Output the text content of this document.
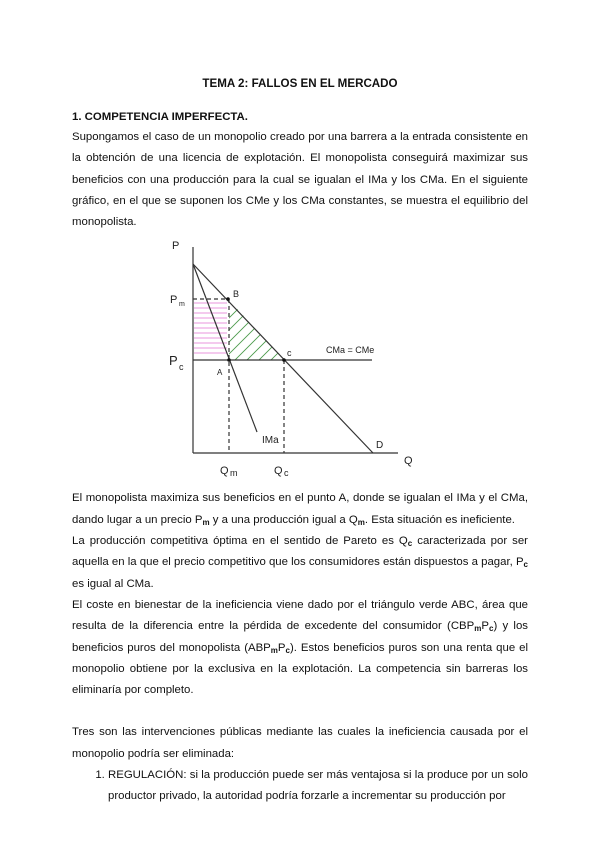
TEMA 2: FALLOS EN EL MERCADO
1. COMPETENCIA IMPERFECTA.

Supongamos el caso de un monopolio creado por una barrera a la entrada consistente en la obtención de una licencia de explotación. El monopolista conseguirá maximizar sus beneficios con una producción para la cual se igualan el IMa y los CMa. En el siguiente gráfico, en el que se suponen los CMe y los CMa constantes, se muestra el equilibrio del monopolista.

P
Q
P m
P c
Q m	Q c
A
B
c	CMa = CMe
IMa	D

El monopolista maximiza sus beneficios en el punto A, donde se igualan el IMa y el CMa, dando lugar a un precio $P_m$ y a una producción igual a $Q_m$. Esta situación es ineficiente.

La producción competitiva óptima en el sentido de Pareto es $Q_c$ caracterizada por ser aquella en la que el precio competitivo que los consumidores están dispuestos a pagar, $P_c$ es igual al CMa.

El coste en bienestar de la ineficiencia viene dado por el triángulo verde ABC, área que resulta de la diferencia entre la pérdida de excedente del consumidor $(CBP_mP_c)$ y los beneficios puros del monopolista $(ABP_mP_c)$. Estos beneficios puros son una renta que el monopolio obtiene por la exclusiva en la explotación. La competencia sin barreras los eliminaría por completo.

Tres son las intervenciones públicas mediante las cuales la ineficiencia causada por el monopolio podría ser eliminada:

1. REGULACIÓN: si la producción puede ser más ventajosa si la produce por un solo productor privado, la autoridad podría forzarle a incrementar su producción por
